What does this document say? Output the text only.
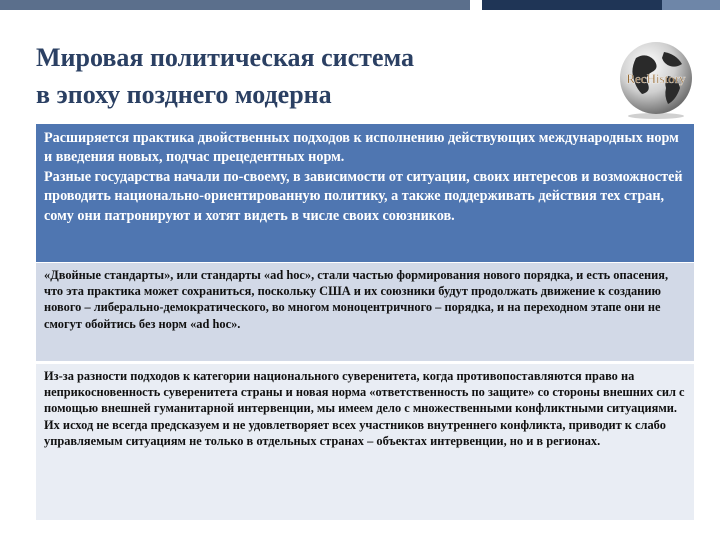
Мировая политическая система
в эпоху позднего модерна
RecHistory

Расширяется практика двойственных подходов к исполнению действующих международных норм и введения новых, подчас прецедентных норм.

Разные государства начали по-своему, в зависимости от ситуации, своих интересов и возможностей проводить национально-ориентированную политику, а также поддерживать действия тех стран, сому они патронируют и хотят видеть в числе своих союзников.

«Двойные стандарты», или стандарты «ad hoc», стали частью формирования нового порядка, и есть опасения, что эта практика может сохраниться, поскольку США и их союзники будут продолжать движение к созданию нового – либерально-демократического, во многом моноцентричного – порядка, и на переходном этапе они не смогут обойтись без норм «ad hoc».

Из-за разности подходов к категории национального суверенитета, когда противопоставляются право на неприкосновенность суверенитета страны и новая норма «ответственность по защите» со стороны внешних сил с помощью внешней гуманитарной интервенции, мы имеем дело с множественными конфликтными ситуациями.

Их исход не всегда предсказуем и не удовлетворяет всех участников внутреннего конфликта, приводит к слабо управляемым ситуациям не только в отдельных странах – объектах интервенции, но и в регионах.
